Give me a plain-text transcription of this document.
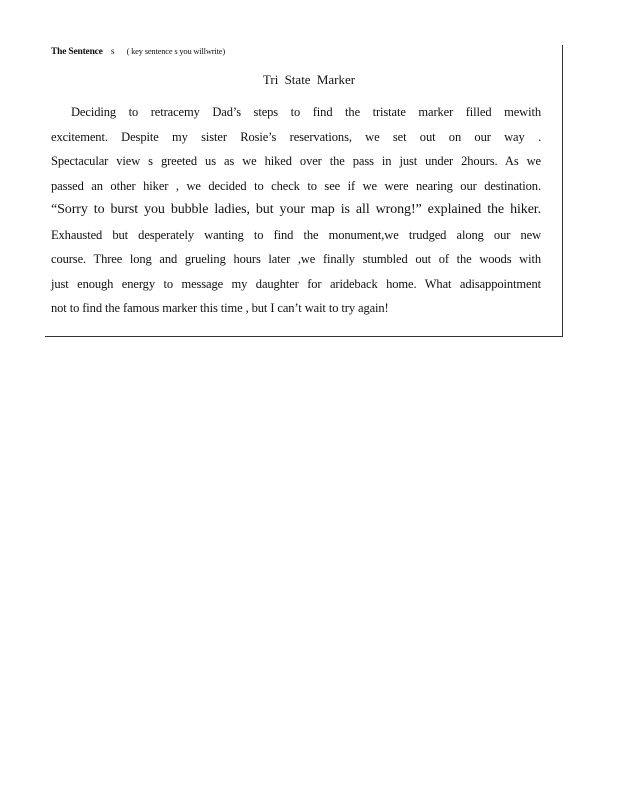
The Sentence s ( key sentence s you willwrite)
Tri State Marker
Deciding to retracemy Dad’s steps to find the tristate marker filled mewith
excitement. Despite my sister Rosie’s reservations, we set out on our way .
Spectacular view s greeted us as we hiked over the pass in just under 2hours. As we
passed an other hiker , we decided to check to see if we were nearing our destination.
“Sorry to burst you bubble ladies, but your map is all wrong!” explained the hiker.
Exhausted but desperately wanting to find the monument,we trudged along our new
course. Three long and grueling hours later ,we finally stumbled out of the woods with
just enough energy to message my daughter for arideback home. What adisappointment
not to find the famous marker this time , but I can’t wait to try again!
